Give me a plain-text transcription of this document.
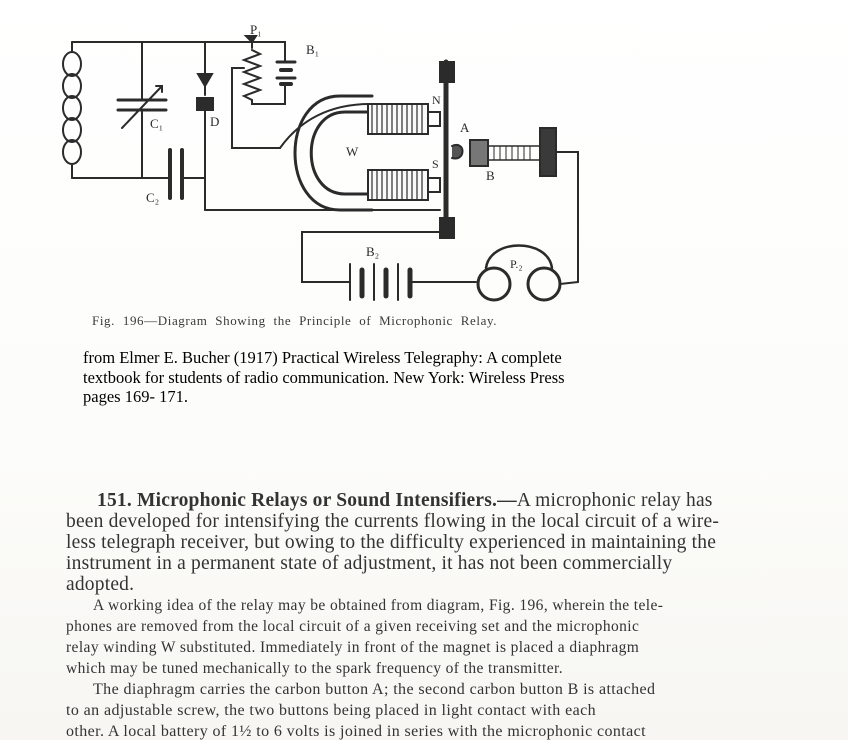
P₁
B₁
C₁
C₂
D
W
N
S
A
B
B₂
P.₂
Fig. 196—Diagram Showing the Principle of Microphonic Relay.
from Elmer E. Bucher (1917) Practical Wireless Telegraphy: A complete
textbook for students of radio communication. New York: Wireless Press
pages 169- 171.
151. Microphonic Relays or Sound Intensifiers.—A microphonic relay has
been developed for intensifying the currents flowing in the local circuit of a wire-
less telegraph receiver, but owing to the difficulty experienced in maintaining the
instrument in a permanent state of adjustment, it has not been commercially
adopted.
A working idea of the relay may be obtained from diagram, Fig. 196, wherein the tele-
phones are removed from the local circuit of a given receiving set and the microphonic
relay winding W substituted. Immediately in front of the magnet is placed a diaphragm
which may be tuned mechanically to the spark frequency of the transmitter.
The diaphragm carries the carbon button A; the second carbon button B is attached
to an adjustable screw, the two buttons being placed in light contact with each
other. A local battery of 1½ to 6 volts is joined in series with the microphonic contact
